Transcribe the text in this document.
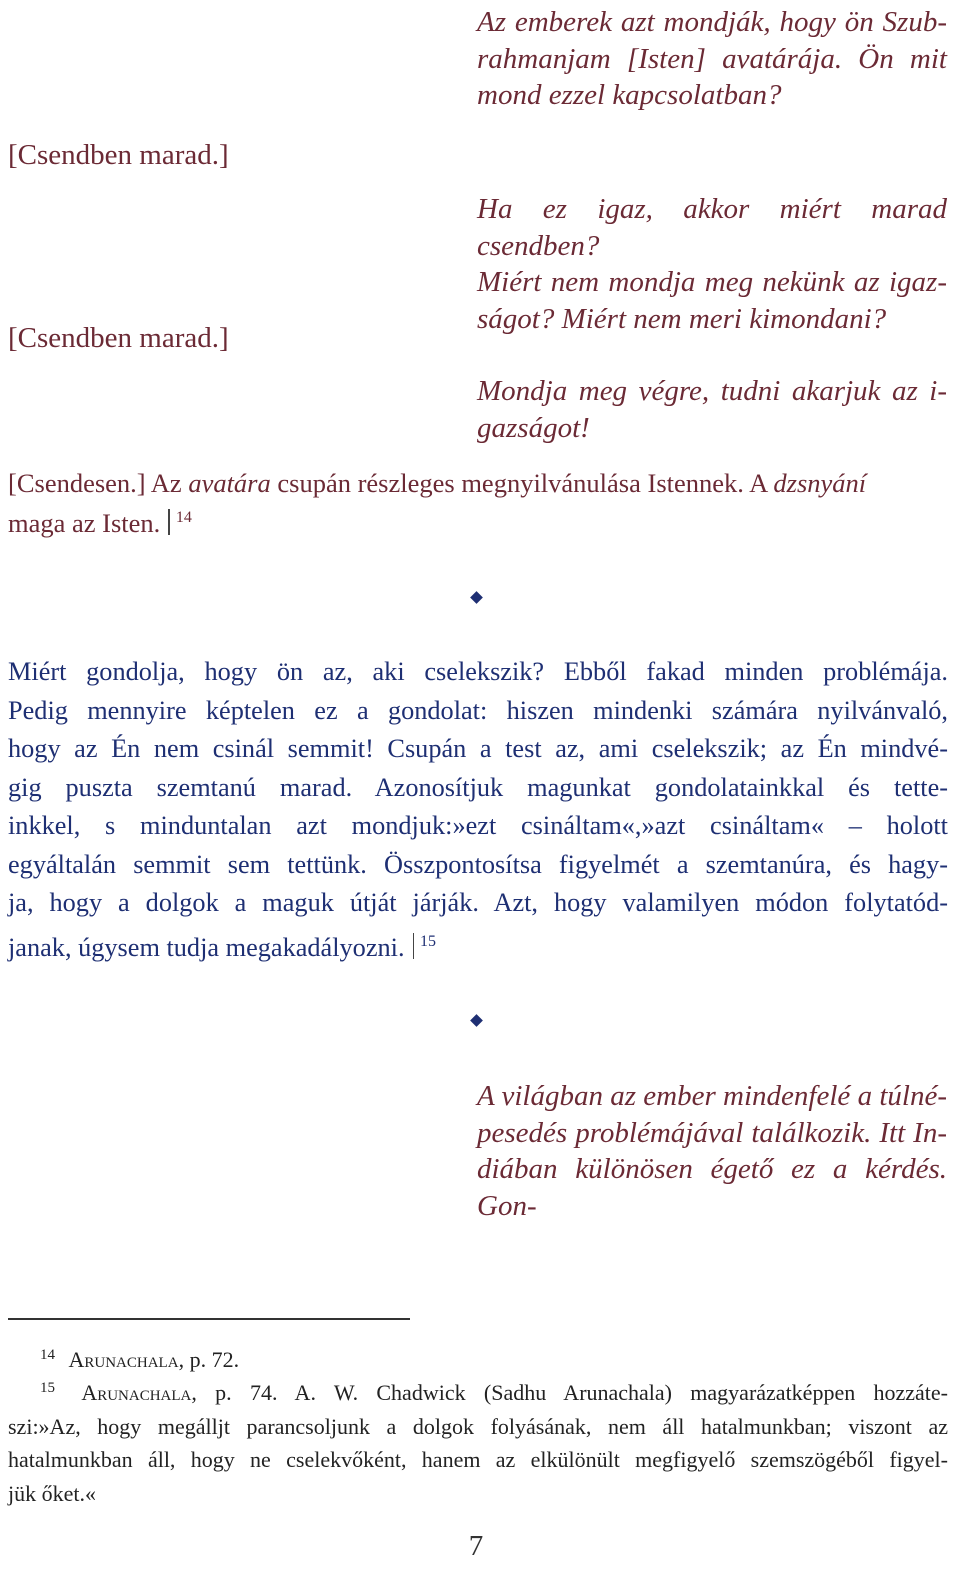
Az emberek azt mondják, hogy ön Szub-

rahmanjam [Isten] avatárája. Ön mit

mond ezzel kapcsolatban?

[Csendben marad.]

Ha ez igaz, akkor miért marad csendben?

Miért nem mondja meg nekünk az igaz-

ságot? Miért nem meri kimondani?

[Csendben marad.]

Mondja meg végre, tudni akarjuk az i-

gazságot!

[Csendesen.] Az avatára csupán részleges megnyilvánulása Istennek. A dzsnyání
maga az Isten. $^{14}$
Miért gondolja, hogy ön az, aki cselekszik? Ebből fakad minden problémája.
Pedig mennyire képtelen ez a gondolat: hiszen mindenki számára nyilvánvaló,
hogy az Én nem csinál semmit! Csupán a test az, ami cselekszik; az Én mindvé-
gig puszta szemtanú marad. Azonosítjuk magunkat gondolatainkkal és tette-
inkkel, s minduntalan azt mondjuk:»ezt csináltam«,»azt csináltam« – holott
egyáltalán semmit sem tettünk. Összpontosítsa figyelmét a szemtanúra, és hagy-
ja, hogy a dolgok a maguk útját járják. Azt, hogy valamilyen módon folytatód-
janak, úgysem tudja megakadályozni. $^{15}$

A világban az ember mindenfelé a túlné-

pesedés problémájával találkozik. Itt In-

diában különösen égető ez a kérdés. Gon-

$^{14}$ Arunachala, p. 72.
$^{15}$ Arunachala, p. 74. A. W. Chadwick (Sadhu Arunachala) magyarázatképpen hozzáte-
szi:»Az, hogy megálljt parancsoljunk a dolgok folyásának, nem áll hatalmunkban; viszont az
hatalmunkban áll, hogy ne cselekvőként, hanem az elkülönült megfigyelő szemszögéből figyel-
jük őket.«
7
